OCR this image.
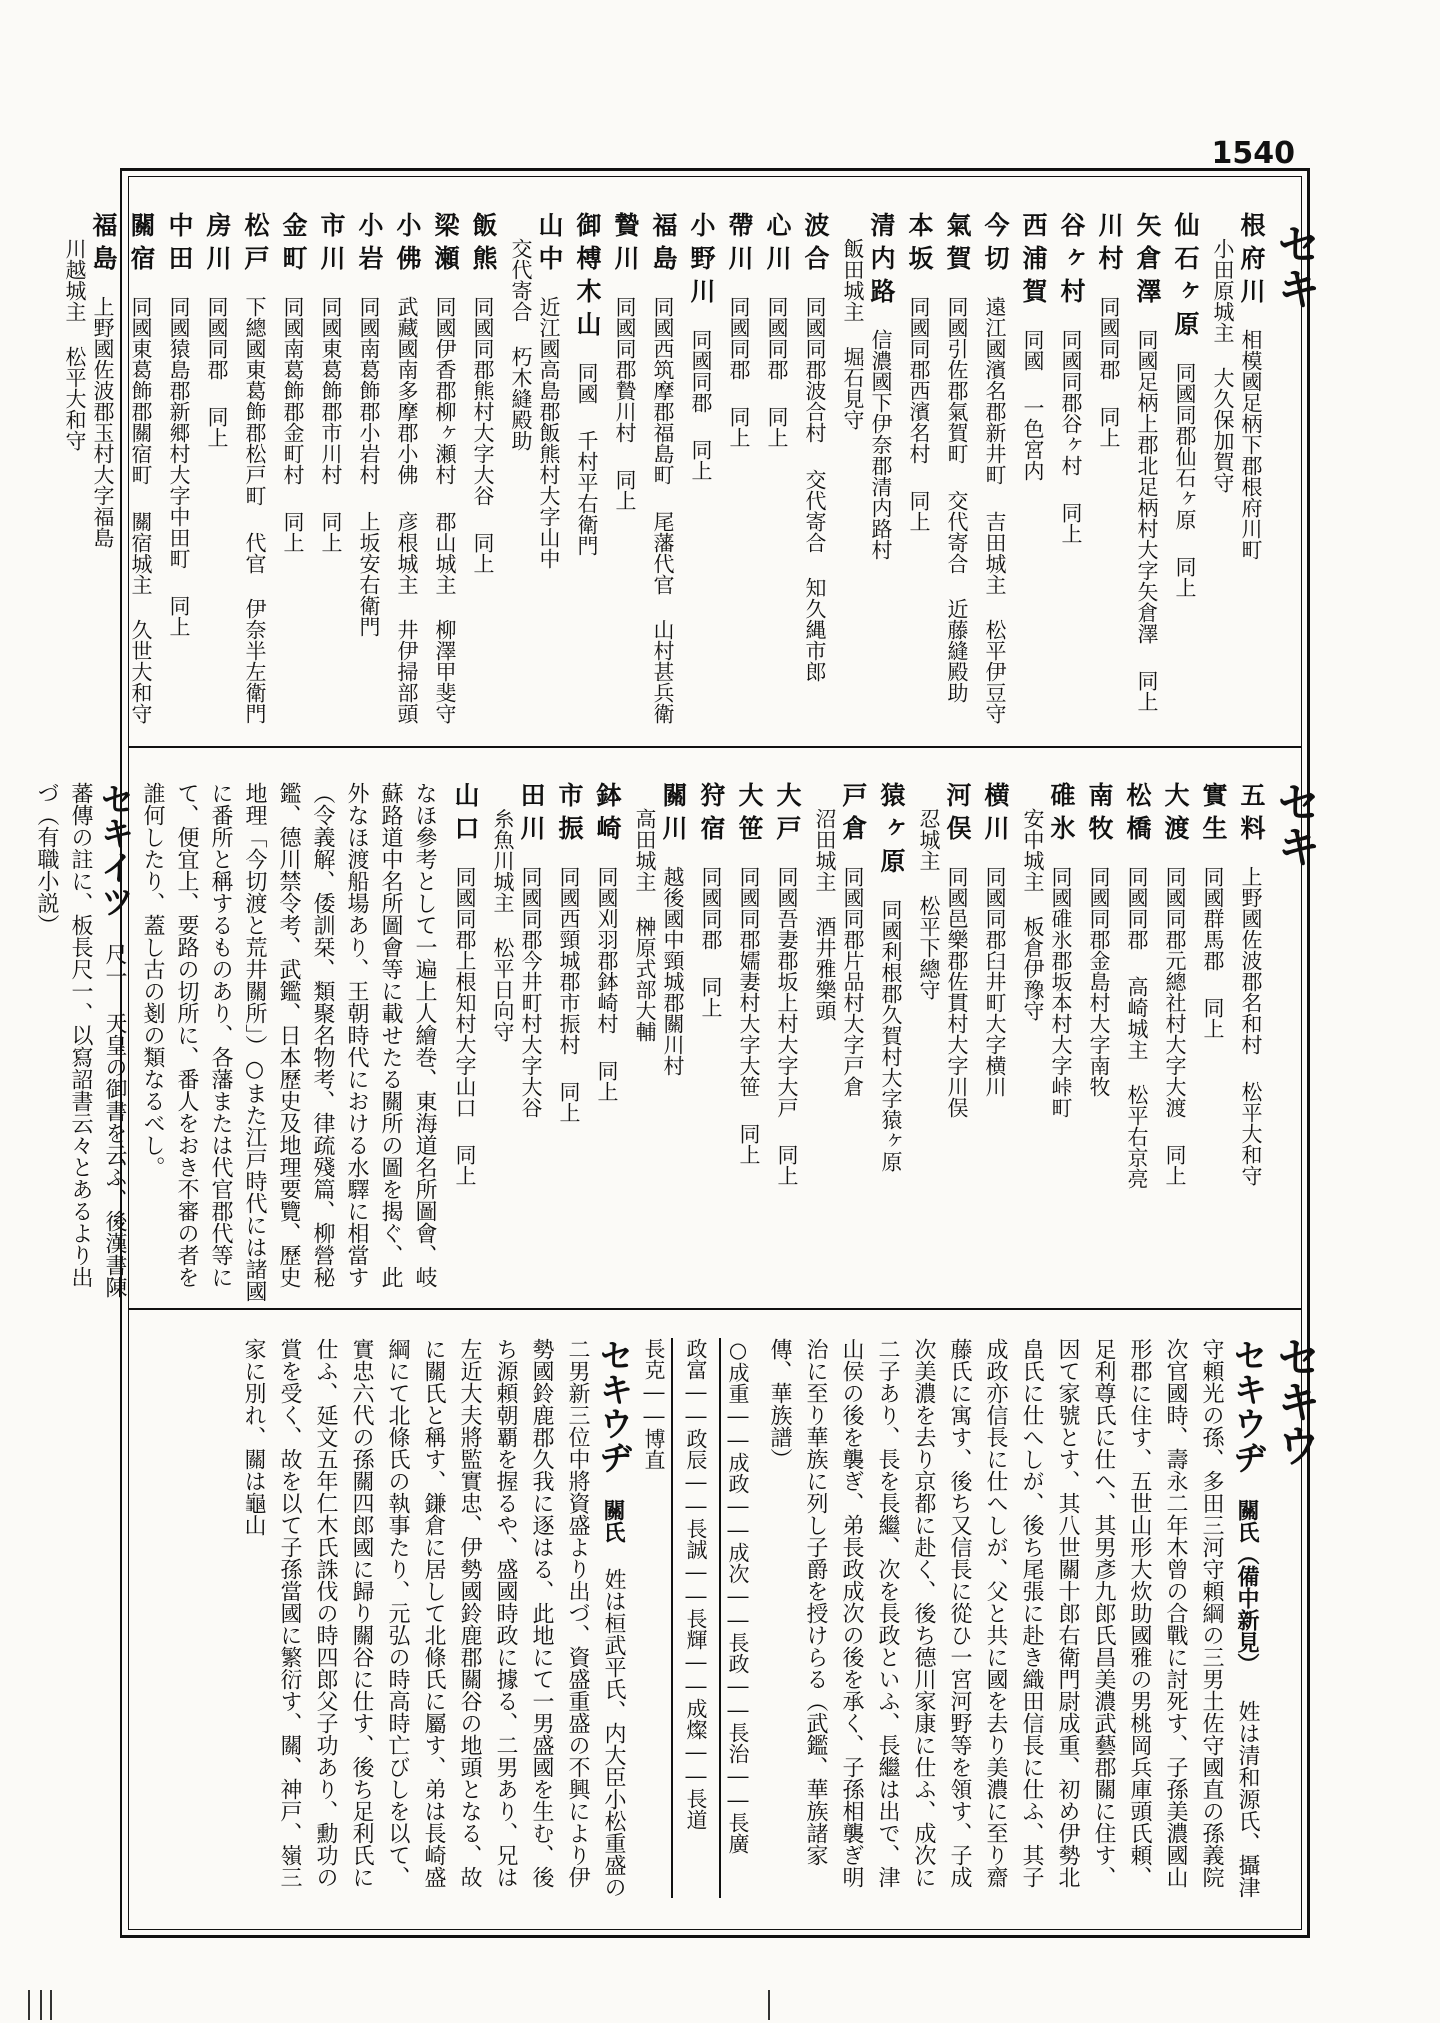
1540
セキ
セキ
セキウ
根府川相模國足柄下郡根府川町小田原城主 大久保加賀守
仙石ヶ原同國同郡仙石ヶ原同上
矢倉澤同國足柄上郡北足柄村大字矢倉澤同上
川村同國同郡同上
谷ヶ村同國同郡谷ヶ村同上
西浦賀同國一色宮内
今切遠江國濱名郡新井町吉田城主 松平伊豆守
氣賀同國引佐郡氣賀町交代寄合 近藤縫殿助
本坂同國同郡西濱名村同上
清内路信濃國下伊奈郡清内路村飯田城主 堀石見守
波合同國同郡波合村交代寄合 知久縄市郎
心川同國同郡同上
帶川同國同郡同上
小野川同國同郡同上
福島同國西筑摩郡福島町尾藩代官 山村甚兵衛
贄川同國同郡贄川村同上
御榑木山同國千村平右衛門
山中近江國高島郡飯熊村大字山中交代寄合 朽木縫殿助
飯熊同國同郡熊村大字大谷同上
梁瀬同國伊香郡柳ヶ瀬村郡山城主 柳澤甲斐守
小佛武藏國南多摩郡小佛彦根城主 井伊掃部頭
小岩同國南葛飾郡小岩村上坂安右衛門
市川同國東葛飾郡市川村同上
金町同國南葛飾郡金町村同上
松戸下總國東葛飾郡松戸町代官 伊奈半左衛門
房川同國同郡同上
中田同國猿島郡新郷村大字中田町同上
關宿同國東葛飾郡關宿町關宿城主 久世大和守
福島上野國佐波郡玉村大字福島川越城主 松平大和守
五料上野國佐波郡名和村松平大和守
實生同國群馬郡同上
大渡同國同郡元總社村大字大渡同上
松橋同國同郡高崎城主 松平右京亮
南牧同國同郡金島村大字南牧
碓氷同國碓氷郡坂本村大字峠町安中城主 板倉伊豫守
横川同國同郡臼井町大字横川
河俣同國邑樂郡佐貫村大字川俣忍城主 松平下總守
猿ヶ原同國利根郡久賀村大字猿ヶ原
戸倉同國同郡片品村大字戸倉沼田城主 酒井雅樂頭
大戸同國吾妻郡坂上村大字大戸同上
大笹同國同郡嬬妻村大字大笹同上
狩宿同國同郡同上
關川越後國中頸城郡關川村高田城主 榊原式部大輔
鉢崎同國刈羽郡鉢崎村同上
市振同國西頸城郡市振村同上
田川同國同郡今井町村大字大谷糸魚川城主 松平日向守
山口同國同郡上根知村大字山口同上
なほ參考として一遍上人繪巻、東海道名所圖會、岐蘇路道中名所圖會等に載せたる關所の圖を揭ぐ、此外なほ渡船場あり、王朝時代における水驛に相當す（令義解、倭訓栞、類聚名物考、律疏殘篇、柳營秘鑑、德川禁令考、武鑑、日本歷史及地理要覽、歷史地理「今切渡と荒井關所」）○また江戸時代には諸國に番所と稱するものあり、各藩または代官郡代等にて、便宜上、要路の切所に、番人をおき不審の者を誰何したり、蓋し古の剗の類なるべし。
セキイツ 尺一 天皇の御書を云ふ、後漢書陳蕃傳の註に、板長尺一、以寫詔書云々とあるより出づ（有職小説）
セキウヂ 關氏（備中新見） 姓は清和源氏、攝津守頼光の孫、多田三河守頼綱の三男土佐守國直の孫義院次官國時、壽永二年木曾の合戰に討死す、子孫美濃國山形郡に住す、五世山形大炊助國雅の男桃岡兵庫頭氏頼、足利尊氏に仕へ、其男彥九郎氏昌美濃武藝郡關に住す、因て家號とす、其八世關十郎右衛門尉成重、初め伊勢北畠氏に仕へしが、後ち尾張に赴き織田信長に仕ふ、其子成政亦信長に仕へしが、父と共に國を去り美濃に至り齋藤氏に寓す、後ち又信長に從ひ一宮河野等を領す、子成次美濃を去り京都に赴く、後ち德川家康に仕ふ、成次に二子あり、長を長繼、次を長政といふ、長繼は出で、津山侯の後を襲ぎ、弟長政成次の後を承く、子孫相襲ぎ明治に至り華族に列し子爵を授けらる（武鑑、華族諸家傳、華族譜）
○成重――成政――成次――長政――長治――長廣
政富――政辰――長誠――長輝――成燦――長道
長克――博直
セキウヂ 關氏 姓は桓武平氏、内大臣小松重盛の二男新三位中將資盛より出づ、資盛重盛の不興により伊勢國鈴鹿郡久我に逐はる、此地にて一男盛國を生む、後ち源頼朝覇を握るや、盛國時政に據る、二男あり、兄は左近大夫將監實忠、伊勢國鈴鹿郡關谷の地頭となる、故に關氏と稱す、鎌倉に居して北條氏に屬す、弟は長崎盛綱にて北條氏の執事たり、元弘の時高時亡びしを以て、實忠六代の孫關四郎國に歸り關谷に仕す、後ち足利氏に仕ふ、延文五年仁木氏誅伐の時四郎父子功あり、勳功の賞を受く、故を以て子孫當國に繁衍す、關、神戸、嶺三家に別れ、關は龜山
